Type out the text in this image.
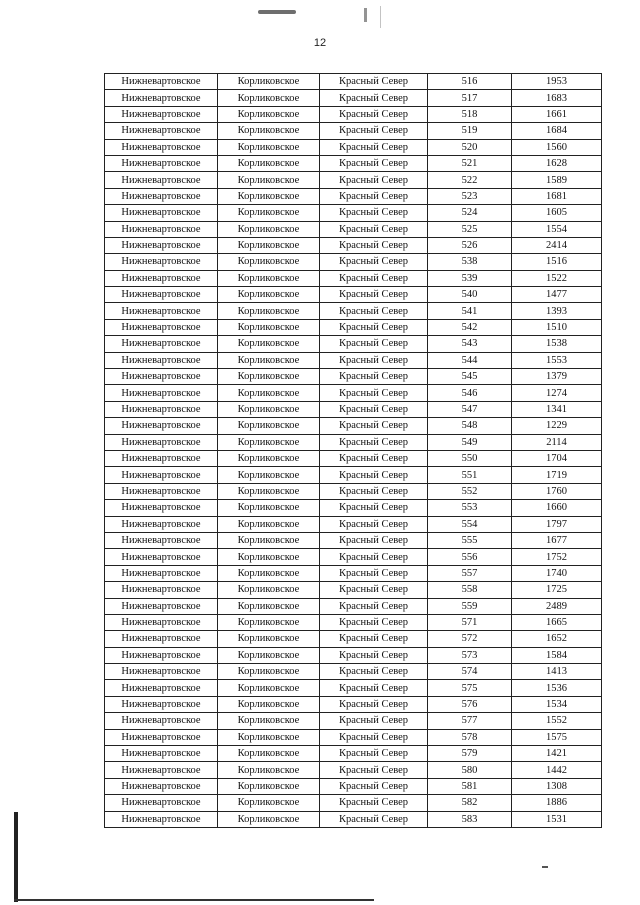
12
Нижневартовское	Корликовское	Красный Север	516	1953
Нижневартовское	Корликовское	Красный Север	517	1683
Нижневартовское	Корликовское	Красный Север	518	1661
Нижневартовское	Корликовское	Красный Север	519	1684
Нижневартовское	Корликовское	Красный Север	520	1560
Нижневартовское	Корликовское	Красный Север	521	1628
Нижневартовское	Корликовское	Красный Север	522	1589
Нижневартовское	Корликовское	Красный Север	523	1681
Нижневартовское	Корликовское	Красный Север	524	1605
Нижневартовское	Корликовское	Красный Север	525	1554
Нижневартовское	Корликовское	Красный Север	526	2414
Нижневартовское	Корликовское	Красный Север	538	1516
Нижневартовское	Корликовское	Красный Север	539	1522
Нижневартовское	Корликовское	Красный Север	540	1477
Нижневартовское	Корликовское	Красный Север	541	1393
Нижневартовское	Корликовское	Красный Север	542	1510
Нижневартовское	Корликовское	Красный Север	543	1538
Нижневартовское	Корликовское	Красный Север	544	1553
Нижневартовское	Корликовское	Красный Север	545	1379
Нижневартовское	Корликовское	Красный Север	546	1274
Нижневартовское	Корликовское	Красный Север	547	1341
Нижневартовское	Корликовское	Красный Север	548	1229
Нижневартовское	Корликовское	Красный Север	549	2114
Нижневартовское	Корликовское	Красный Север	550	1704
Нижневартовское	Корликовское	Красный Север	551	1719
Нижневартовское	Корликовское	Красный Север	552	1760
Нижневартовское	Корликовское	Красный Север	553	1660
Нижневартовское	Корликовское	Красный Север	554	1797
Нижневартовское	Корликовское	Красный Север	555	1677
Нижневартовское	Корликовское	Красный Север	556	1752
Нижневартовское	Корликовское	Красный Север	557	1740
Нижневартовское	Корликовское	Красный Север	558	1725
Нижневартовское	Корликовское	Красный Север	559	2489
Нижневартовское	Корликовское	Красный Север	571	1665
Нижневартовское	Корликовское	Красный Север	572	1652
Нижневартовское	Корликовское	Красный Север	573	1584
Нижневартовское	Корликовское	Красный Север	574	1413
Нижневартовское	Корликовское	Красный Север	575	1536
Нижневартовское	Корликовское	Красный Север	576	1534
Нижневартовское	Корликовское	Красный Север	577	1552
Нижневартовское	Корликовское	Красный Север	578	1575
Нижневартовское	Корликовское	Красный Север	579	1421
Нижневартовское	Корликовское	Красный Север	580	1442
Нижневартовское	Корликовское	Красный Север	581	1308
Нижневартовское	Корликовское	Красный Север	582	1886
Нижневартовское	Корликовское	Красный Север	583	1531
